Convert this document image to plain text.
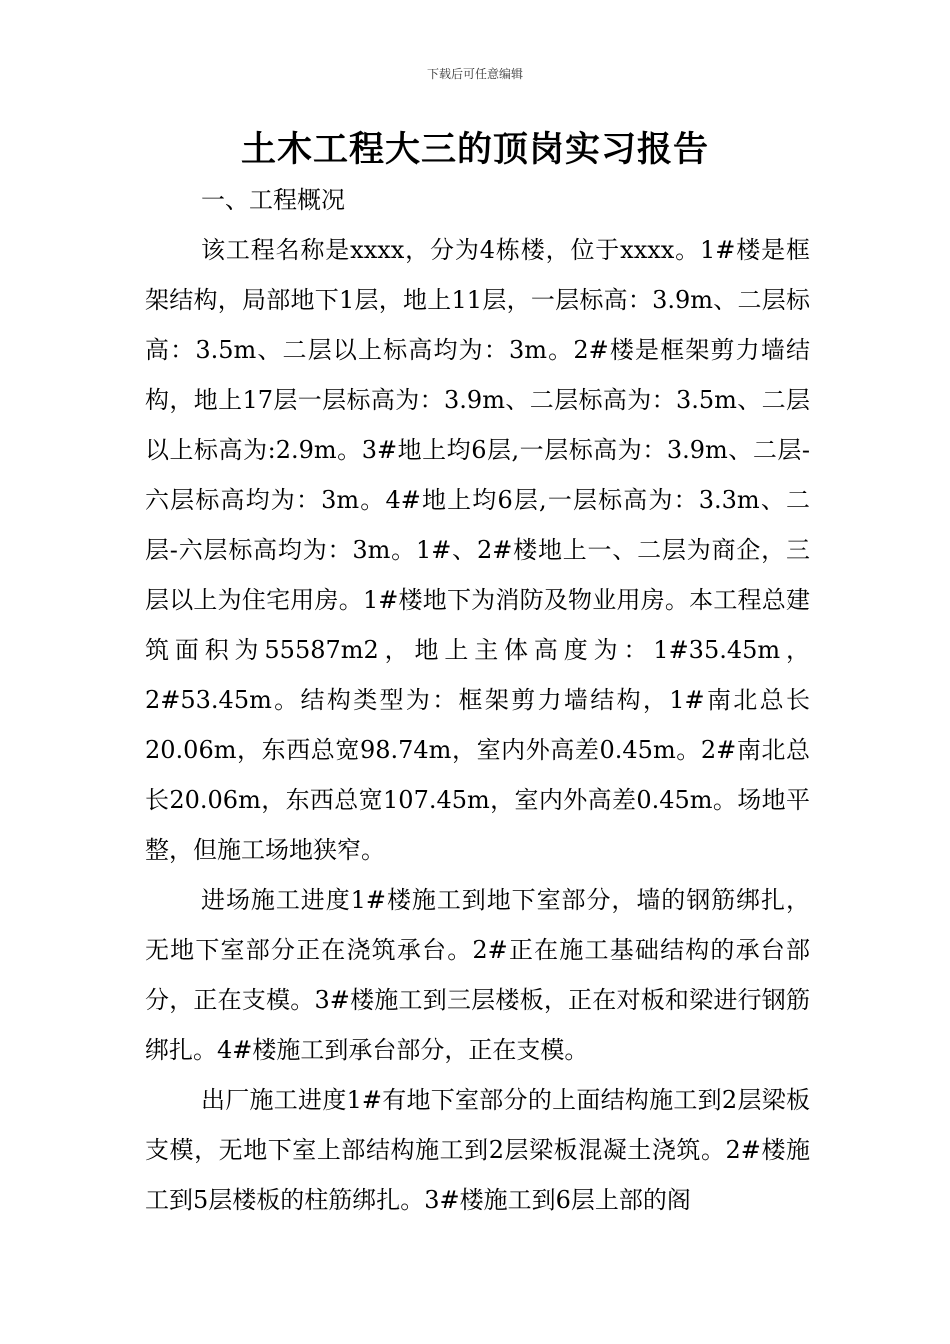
下载后可任意编辑
土木工程大三的顶岗实习报告

一、工程概况

该工程名称是xxxx，分为4栋楼，位于xxxx。1#楼是框架结构，局部地下1层，地上11层，一层标高：3.9m、二层标高：3.5m、二层以上标高均为：3m。2#楼是框架剪力墙结构，地上17层一层标高为：3.9m、二层标高为：3.5m、二层以上标高为:2.9m。3#地上均6层,一层标高为：3.9m、二层-六层标高均为：3m。4#地上均6层,一层标高为：3.3m、二层-六层标高均为：3m。1#、2#楼地上一、二层为商企，三层以上为住宅用房。1#楼地下为消防及物业用房。本工程总建筑面积为55587m2，地上主体高度为：1#35.45m，2#53.45m。结构类型为：框架剪力墙结构，1#南北总长20.06m，东西总宽98.74m，室内外高差0.45m。2#南北总长20.06m，东西总宽107.45m，室内外高差0.45m。场地平整，但施工场地狭窄。

进场施工进度1#楼施工到地下室部分，墙的钢筋绑扎，无地下室部分正在浇筑承台。2#正在施工基础结构的承台部分，正在支模。3#楼施工到三层楼板，正在对板和梁进行钢筋绑扎。4#楼施工到承台部分，正在支模。

出厂施工进度1#有地下室部分的上面结构施工到2层梁板支模，无地下室上部结构施工到2层梁板混凝土浇筑。2#楼施工到5层楼板的柱筋绑扎。3#楼施工到6层上部的阁
